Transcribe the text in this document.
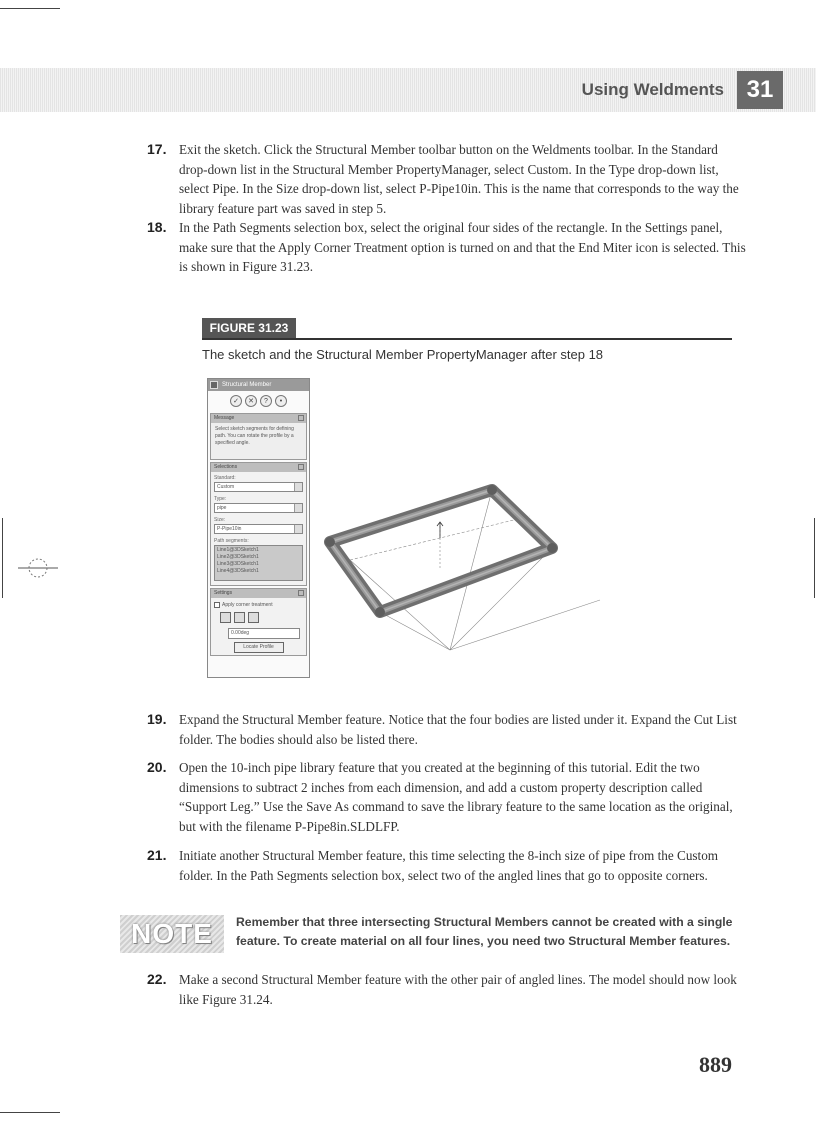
Using Weldments 31
17. Exit the sketch. Click the Structural Member toolbar button on the Weldments toolbar. In the Standard drop-down list in the Structural Member PropertyManager, select Custom. In the Type drop-down list, select Pipe. In the Size drop-down list, select P-Pipe10in. This is the name that corresponds to the way the library feature part was saved in step 5.
18. In the Path Segments selection box, select the original four sides of the rectangle. In the Settings panel, make sure that the Apply Corner Treatment option is turned on and that the End Miter icon is selected. This is shown in Figure 31.23.
FIGURE 31.23
The sketch and the Structural Member PropertyManager after step 18
Structural Member
✓	✕	?	•
Message
Select sketch segments for defining path. You can rotate the profile by a specified angle.
Selections
Standard:
Custom
Type:
pipe
Size:
P-Pipe10in
Path segments:
Line1@3DSketch1
Line2@3DSketch1
Line3@3DSketch1
Line4@3DSketch1
Settings
Apply corner treatment
0.00deg
Locate Profile
19. Expand the Structural Member feature. Notice that the four bodies are listed under it. Expand the Cut List folder. The bodies should also be listed there.
20. Open the 10-inch pipe library feature that you created at the beginning of this tutorial. Edit the two dimensions to subtract 2 inches from each dimension, and add a custom property description called “Support Leg.” Use the Save As command to save the library feature to the same location as the original, but with the filename P-Pipe8in.SLDLFP.
21. Initiate another Structural Member feature, this time selecting the 8-inch size of pipe from the Custom folder. In the Path Segments selection box, select two of the angled lines that go to opposite corners.
NOTE	Remember that three intersecting Structural Members cannot be created with a single feature. To create material on all four lines, you need two Structural Member features.
22. Make a second Structural Member feature with the other pair of angled lines. The model should now look like Figure 31.24.
889
